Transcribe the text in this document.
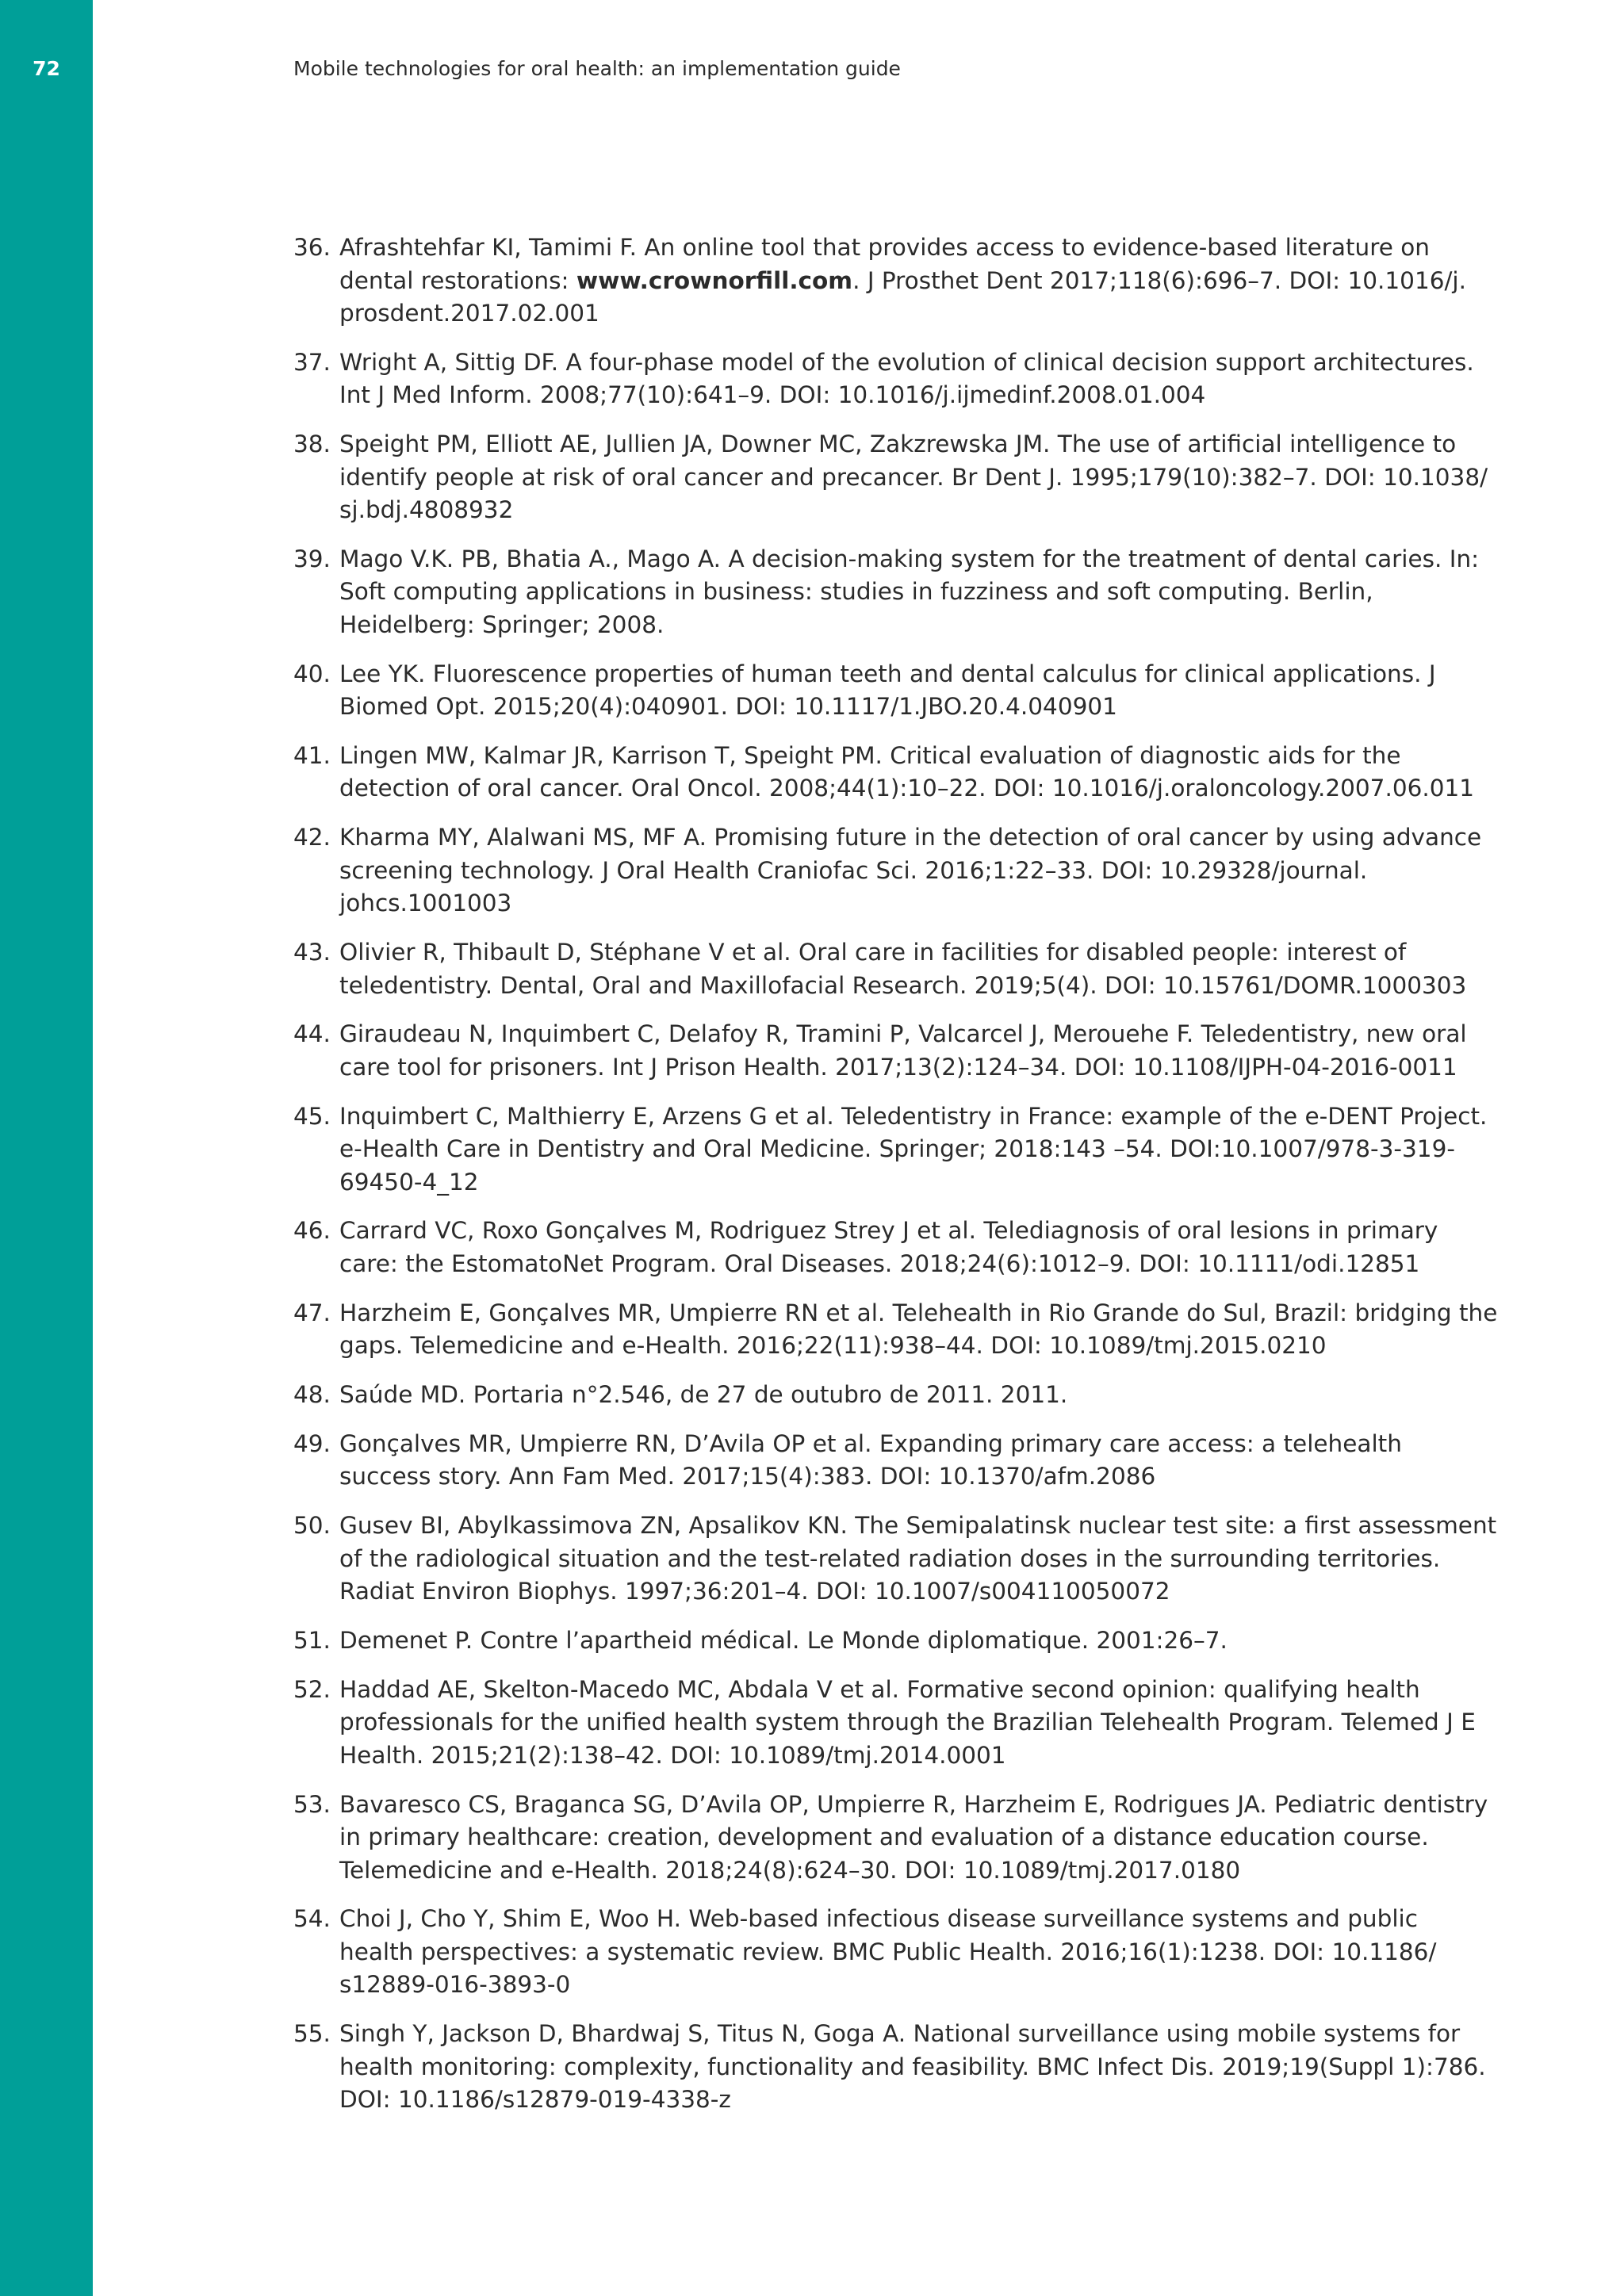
72	Mobile technologies for oral health: an implementation guide
36. Afrashtehfar KI, Tamimi F. An online tool that provides access to evidence-based literature on dental restorations: www.crownorfill.com. J Prosthet Dent 2017;118(6):696–7. DOI: 10.1016/j. prosdent.2017.02.001
37. Wright A, Sittig DF. A four-phase model of the evolution of clinical decision support architectures. Int J Med Inform. 2008;77(10):641–9. DOI: 10.1016/j.ijmedinf.2008.01.004
38. Speight PM, Elliott AE, Jullien JA, Downer MC, Zakzrewska JM. The use of artificial intelligence to identify people at risk of oral cancer and precancer. Br Dent J. 1995;179(10):382–7. DOI: 10.1038/ sj.bdj.4808932
39. Mago V.K. PB, Bhatia A., Mago A. A decision-making system for the treatment of dental caries. In: Soft computing applications in business: studies in fuzziness and soft computing. Berlin, Heidelberg: Springer; 2008.
40. Lee YK. Fluorescence properties of human teeth and dental calculus for clinical applications. J Biomed Opt. 2015;20(4):040901. DOI: 10.1117/1.JBO.20.4.040901
41. Lingen MW, Kalmar JR, Karrison T, Speight PM. Critical evaluation of diagnostic aids for the detection of oral cancer. Oral Oncol. 2008;44(1):10–22. DOI: 10.1016/j.oraloncology.2007.06.011
42. Kharma MY, Alalwani MS, MF A. Promising future in the detection of oral cancer by using advance screening technology. J Oral Health Craniofac Sci. 2016;1:22–33. DOI: 10.29328/journal. johcs.1001003
43. Olivier R, Thibault D, Stéphane V et al. Oral care in facilities for disabled people: interest of teledentistry. Dental, Oral and Maxillofacial Research. 2019;5(4). DOI: 10.15761/DOMR.1000303
44. Giraudeau N, Inquimbert C, Delafoy R, Tramini P, Valcarcel J, Merouehe F. Teledentistry, new oral care tool for prisoners. Int J Prison Health. 2017;13(2):124–34. DOI: 10.1108/IJPH-04-2016-0011
45. Inquimbert C, Malthierry E, Arzens G et al. Teledentistry in France: example of the e-DENT Project. e-Health Care in Dentistry and Oral Medicine. Springer; 2018:143 –54. DOI:10.1007/978-3-319- 69450-4_12
46. Carrard VC, Roxo Gonçalves M, Rodriguez Strey J et al. Telediagnosis of oral lesions in primary care: the EstomatoNet Program. Oral Diseases. 2018;24(6):1012–9. DOI: 10.1111/odi.12851
47. Harzheim E, Gonçalves MR, Umpierre RN et al. Telehealth in Rio Grande do Sul, Brazil: bridging the gaps. Telemedicine and e-Health. 2016;22(11):938–44. DOI: 10.1089/tmj.2015.0210
48. Saúde MD. Portaria n°2.546, de 27 de outubro de 2011. 2011.
49. Gonçalves MR, Umpierre RN, D’Avila OP et al. Expanding primary care access: a telehealth success story. Ann Fam Med. 2017;15(4):383. DOI: 10.1370/afm.2086
50. Gusev BI, Abylkassimova ZN, Apsalikov KN. The Semipalatinsk nuclear test site: a first assessment of the radiological situation and the test-related radiation doses in the surrounding territories. Radiat Environ Biophys. 1997;36:201–4. DOI: 10.1007/s004110050072
51. Demenet P. Contre l’apartheid médical. Le Monde diplomatique. 2001:26–7.
52. Haddad AE, Skelton-Macedo MC, Abdala V et al. Formative second opinion: qualifying health professionals for the unified health system through the Brazilian Telehealth Program. Telemed J E Health. 2015;21(2):138–42. DOI: 10.1089/tmj.2014.0001
53. Bavaresco CS, Braganca SG, D’Avila OP, Umpierre R, Harzheim E, Rodrigues JA. Pediatric dentistry in primary healthcare: creation, development and evaluation of a distance education course. Telemedicine and e-Health. 2018;24(8):624–30. DOI: 10.1089/tmj.2017.0180
54. Choi J, Cho Y, Shim E, Woo H. Web-based infectious disease surveillance systems and public health perspectives: a systematic review. BMC Public Health. 2016;16(1):1238. DOI: 10.1186/ s12889-016-3893-0
55. Singh Y, Jackson D, Bhardwaj S, Titus N, Goga A. National surveillance using mobile systems for health monitoring: complexity, functionality and feasibility. BMC Infect Dis. 2019;19(Suppl 1):786. DOI: 10.1186/s12879-019-4338-z
